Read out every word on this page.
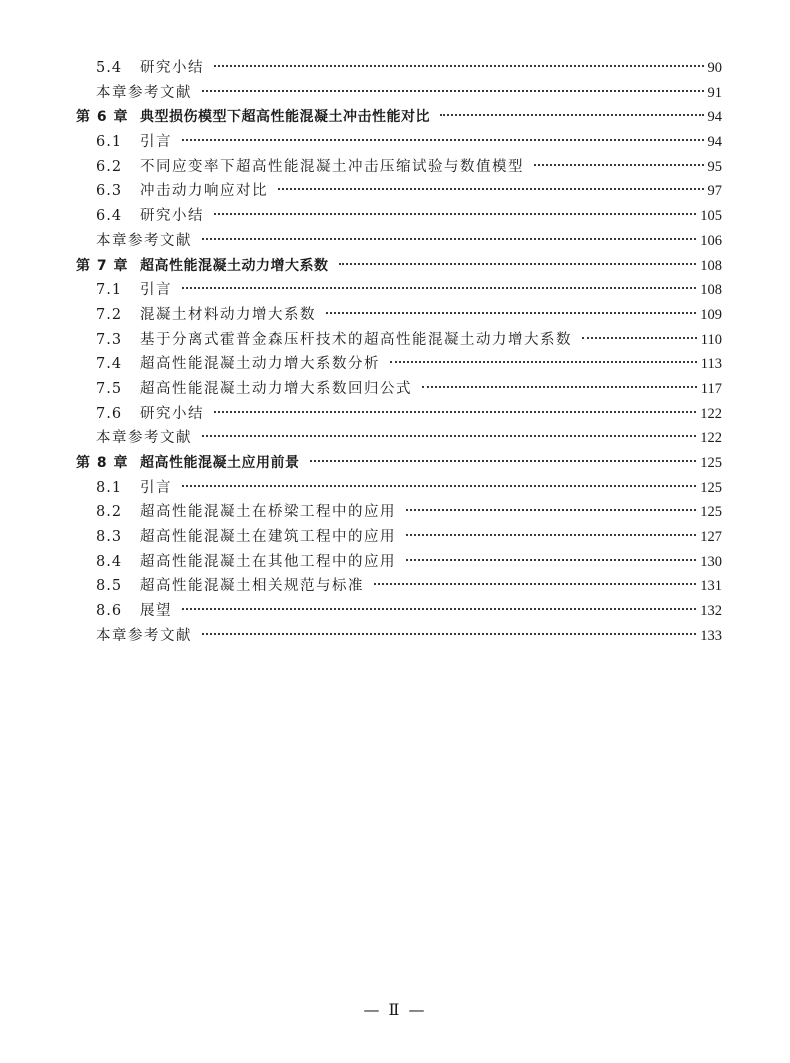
5.4	研究小结	90
本章参考文献	91
第 6 章 典型损伤模型下超高性能混凝土冲击性能对比	94
6.1	引言	94
6.2	不同应变率下超高性能混凝土冲击压缩试验与数值模型	95
6.3	冲击动力响应对比	97
6.4	研究小结	105
本章参考文献	106
第 7 章 超高性能混凝土动力增大系数	108
7.1	引言	108
7.2	混凝土材料动力增大系数	109
7.3	基于分离式霍普金森压杆技术的超高性能混凝土动力增大系数	110
7.4	超高性能混凝土动力增大系数分析	113
7.5	超高性能混凝土动力增大系数回归公式	117
7.6	研究小结	122
本章参考文献	122
第 8 章 超高性能混凝土应用前景	125
8.1	引言	125
8.2	超高性能混凝土在桥梁工程中的应用	125
8.3	超高性能混凝土在建筑工程中的应用	127
8.4	超高性能混凝土在其他工程中的应用	130
8.5	超高性能混凝土相关规范与标准	131
8.6	展望	132
本章参考文献	133
— Ⅱ —
